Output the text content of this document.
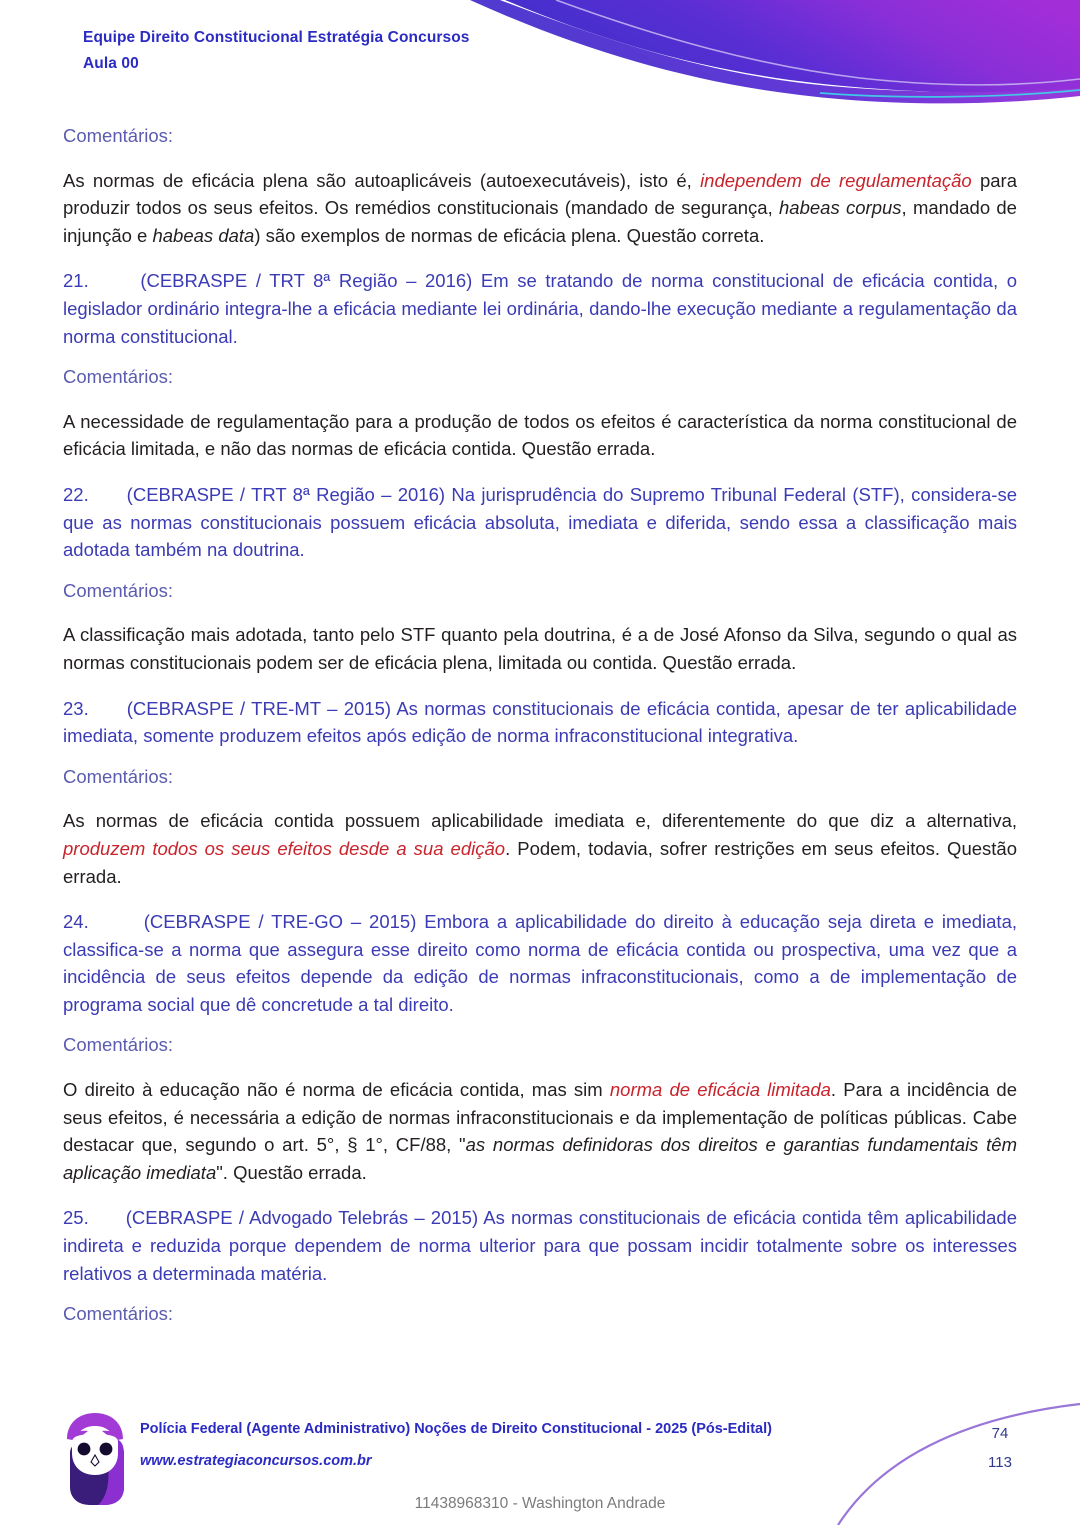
Equipe Direito Constitucional Estratégia Concursos
Aula 00

Comentários:

As normas de eficácia plena são autoaplicáveis (autoexecutáveis), isto é, independem de regulamentação para produzir todos os seus efeitos. Os remédios constitucionais (mandado de segurança, habeas corpus, mandado de injunção e habeas data) são exemplos de normas de eficácia plena. Questão correta.

21.      (CEBRASPE / TRT 8ª Região – 2016) Em se tratando de norma constitucional de eficácia contida, o legislador ordinário integra-lhe a eficácia mediante lei ordinária, dando-lhe execução mediante a regulamentação da norma constitucional.

Comentários:

A necessidade de regulamentação para a produção de todos os efeitos é característica da norma constitucional de eficácia limitada, e não das normas de eficácia contida. Questão errada.

22.      (CEBRASPE / TRT 8ª Região – 2016) Na jurisprudência do Supremo Tribunal Federal (STF), considera-se que as normas constitucionais possuem eficácia absoluta, imediata e diferida, sendo essa a classificação mais adotada também na doutrina.

Comentários:

A classificação mais adotada, tanto pelo STF quanto pela doutrina, é a de José Afonso da Silva, segundo o qual as normas constitucionais podem ser de eficácia plena, limitada ou contida. Questão errada.

23.      (CEBRASPE / TRE-MT – 2015) As normas constitucionais de eficácia contida, apesar de ter aplicabilidade imediata, somente produzem efeitos após edição de norma infraconstitucional integrativa.

Comentários:

As normas de eficácia contida possuem aplicabilidade imediata e, diferentemente do que diz a alternativa, produzem todos os seus efeitos desde a sua edição. Podem, todavia, sofrer restrições em seus efeitos. Questão errada.

24.       (CEBRASPE / TRE-GO – 2015) Embora a aplicabilidade do direito à educação seja direta e imediata, classifica-se a norma que assegura esse direito como norma de eficácia contida ou prospectiva, uma vez que a incidência de seus efeitos depende da edição de normas infraconstitucionais, como a de implementação de programa social que dê concretude a tal direito.

Comentários:

O direito à educação não é norma de eficácia contida, mas sim norma de eficácia limitada. Para a incidência de seus efeitos, é necessária a edição de normas infraconstitucionais e da implementação de políticas públicas. Cabe destacar que, segundo o art. 5°, § 1°, CF/88, "as normas definidoras dos direitos e garantias fundamentais têm aplicação imediata". Questão errada.

25.      (CEBRASPE / Advogado Telebrás – 2015) As normas constitucionais de eficácia contida têm aplicabilidade indireta e reduzida porque dependem de norma ulterior para que possam incidir totalmente sobre os interesses relativos a determinada matéria.

Comentários:

Polícia Federal (Agente Administrativo) Noções de Direito Constitucional - 2025 (Pós-Edital)
www.estrategiaconcursos.com.br
74
113
11438968310 - Washington Andrade
